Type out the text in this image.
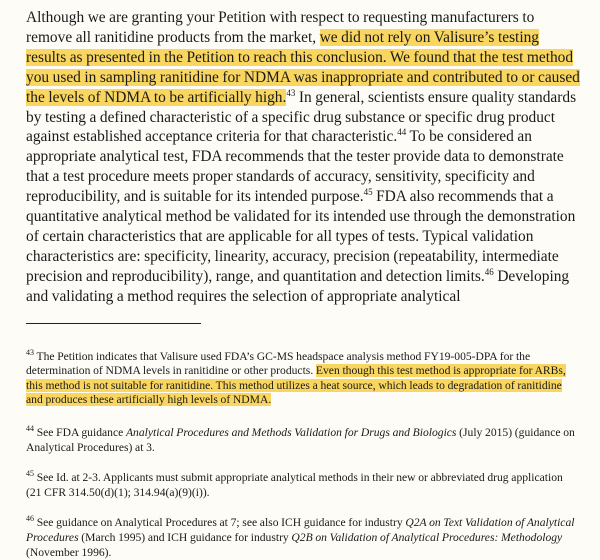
Although we are granting your Petition with respect to requesting manufacturers to remove all ranitidine products from the market, we did not rely on Valisure’s testing results as presented in the Petition to reach this conclusion. We found that the test method you used in sampling ranitidine for NDMA was inappropriate and contributed to or caused the levels of NDMA to be artificially high.$^{43}$ In general, scientists ensure quality standards by testing a defined characteristic of a specific drug substance or specific drug product against established acceptance criteria for that characteristic.$^{44}$ To be considered an appropriate analytical test, FDA recommends that the tester provide data to demonstrate that a test procedure meets proper standards of accuracy, sensitivity, specificity and reproducibility, and is suitable for its intended purpose.$^{45}$ FDA also recommends that a quantitative analytical method be validated for its intended use through the demonstration of certain characteristics that are applicable for all types of tests. Typical validation characteristics are: specificity, linearity, accuracy, precision (repeatability, intermediate precision and reproducibility), range, and quantitation and detection limits.$^{46}$ Developing and validating a method requires the selection of appropriate analytical

$^{43}$ The Petition indicates that Valisure used FDA’s GC-MS headspace analysis method FY19-005-DPA for the determination of NDMA levels in ranitidine or other products. Even though this test method is appropriate for ARBs, this method is not suitable for ranitidine. This method utilizes a heat source, which leads to degradation of ranitidine and produces these artificially high levels of NDMA.

$^{44}$ See FDA guidance Analytical Procedures and Methods Validation for Drugs and Biologics (July 2015) (guidance on Analytical Procedures) at 3.

$^{45}$ See Id. at 2-3. Applicants must submit appropriate analytical methods in their new or abbreviated drug application (21 CFR 314.50(d)(1); 314.94(a)(9)(i)).

$^{46}$ See guidance on Analytical Procedures at 7; see also ICH guidance for industry Q2A on Text Validation of Analytical Procedures (March 1995) and ICH guidance for industry Q2B on Validation of Analytical Procedures: Methodology (November 1996).
